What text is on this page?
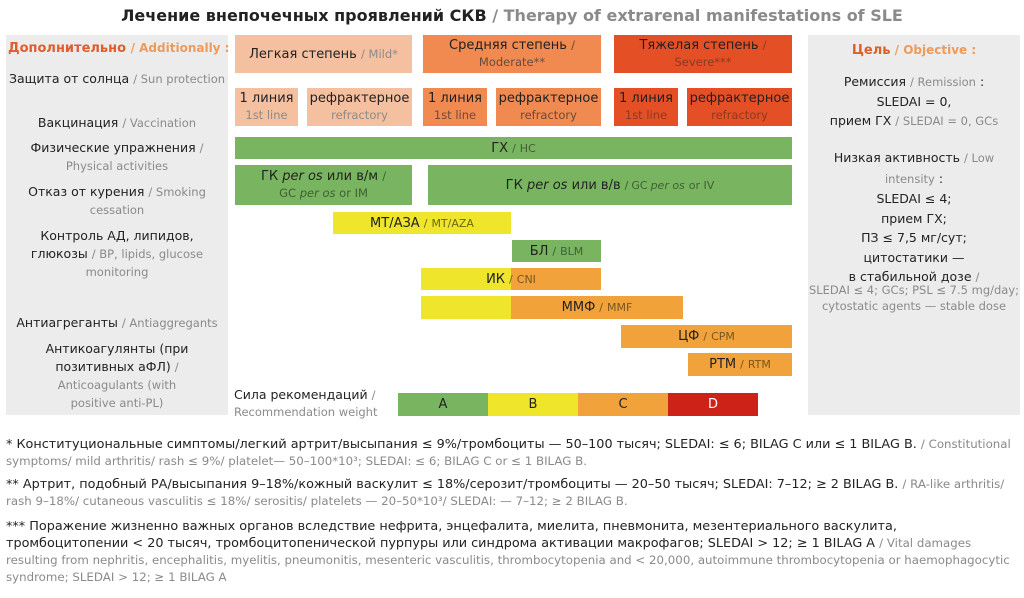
Лечение внепочечных проявлений СКВ / Therapy of extrarenal manifestations of SLE
Дополнительно / Additionally :
Защита от солнца / Sun protection
Вакцинация / Vaccination
Физические упражнения / Physical activities
Отказ от курения / Smoking cessation
Контроль АД, липидов, глюкозы / BP, lipids, glucose monitoring
Антиагреганты / Antiaggregants
Антикоагулянты (при позитивных аФЛ) / Anticoagulants (with positive anti-PL)
Легкая степень / Mild*
Средняя степень /
Moderate**
Тяжелая степень /
Severe***
1 линия
1st line
рефрактерное
refractory
1 линия
1st line
рефрактерное
refractory
1 линия
1st line
рефрактерное
refractory
ГХ / HC
ГК per os или в/м /
GC per os or IM
ГК
per os
или в/в / GC per os or IV
МТ/АЗА / MT/AZA
БЛ / BLM
ИК / CNI
ММФ / MMF
ЦФ / CPM
РТМ / RTM
Сила рекомендаций /
Recommendation weight	A	B	C	D
Цель / Objective :
Ремиссия / Remission :
SLEDAI = 0,
прием ГХ / SLEDAI = 0, GCs
Низкая активность / Low intensity :
SLEDAI ≤ 4;
прием ГХ;
ПЗ ≤ 7,5 мг/сут;
цитостатики —
в стабильной дозе /
SLEDAI ≤ 4; GCs; PSL ≤ 7.5 mg/day;
cytostatic agents — stable dose
* Конституциональные симптомы/легкий артрит/высыпания ≤ 9%/тромбоциты — 50–100 тысяч; SLEDAI: ≤ 6; BILAG C или ≤ 1 BILAG B. / Constitutional symptoms/ mild arthritis/ rash ≤ 9%/ platelet— 50–100*10³; SLEDAI: ≤ 6; BILAG C or ≤ 1 BILAG B.
** Артрит, подобный РА/высыпания 9–18%/кожный васкулит ≤ 18%/серозит/тромбоциты — 20–50 тысяч; SLEDAI: 7–12; ≥ 2 BILAG B. / RA-like arthritis/ rash 9–18%/ cutaneous vasculitis ≤ 18%/ serositis/ platelets — 20–50*10³/ SLEDAI: — 7–12; ≥ 2 BILAG B.
*** Поражение жизненно важных органов вследствие нефрита, энцефалита, миелита, пневмонита, мезентериального васкулита, тромбоцитопении < 20 тысяч, тромбоцитопенической пурпуры или синдрома активации макрофагов; SLEDAI > 12; ≥ 1 BILAG A / Vital damages resulting from nephritis, encephalitis, myelitis, pneumonitis, mesenteric vasculitis, thrombocytopenia and < 20,000, autoimmune thrombocytopenia or haemophagocytic syndrome; SLEDAI > 12; ≥ 1 BILAG A
